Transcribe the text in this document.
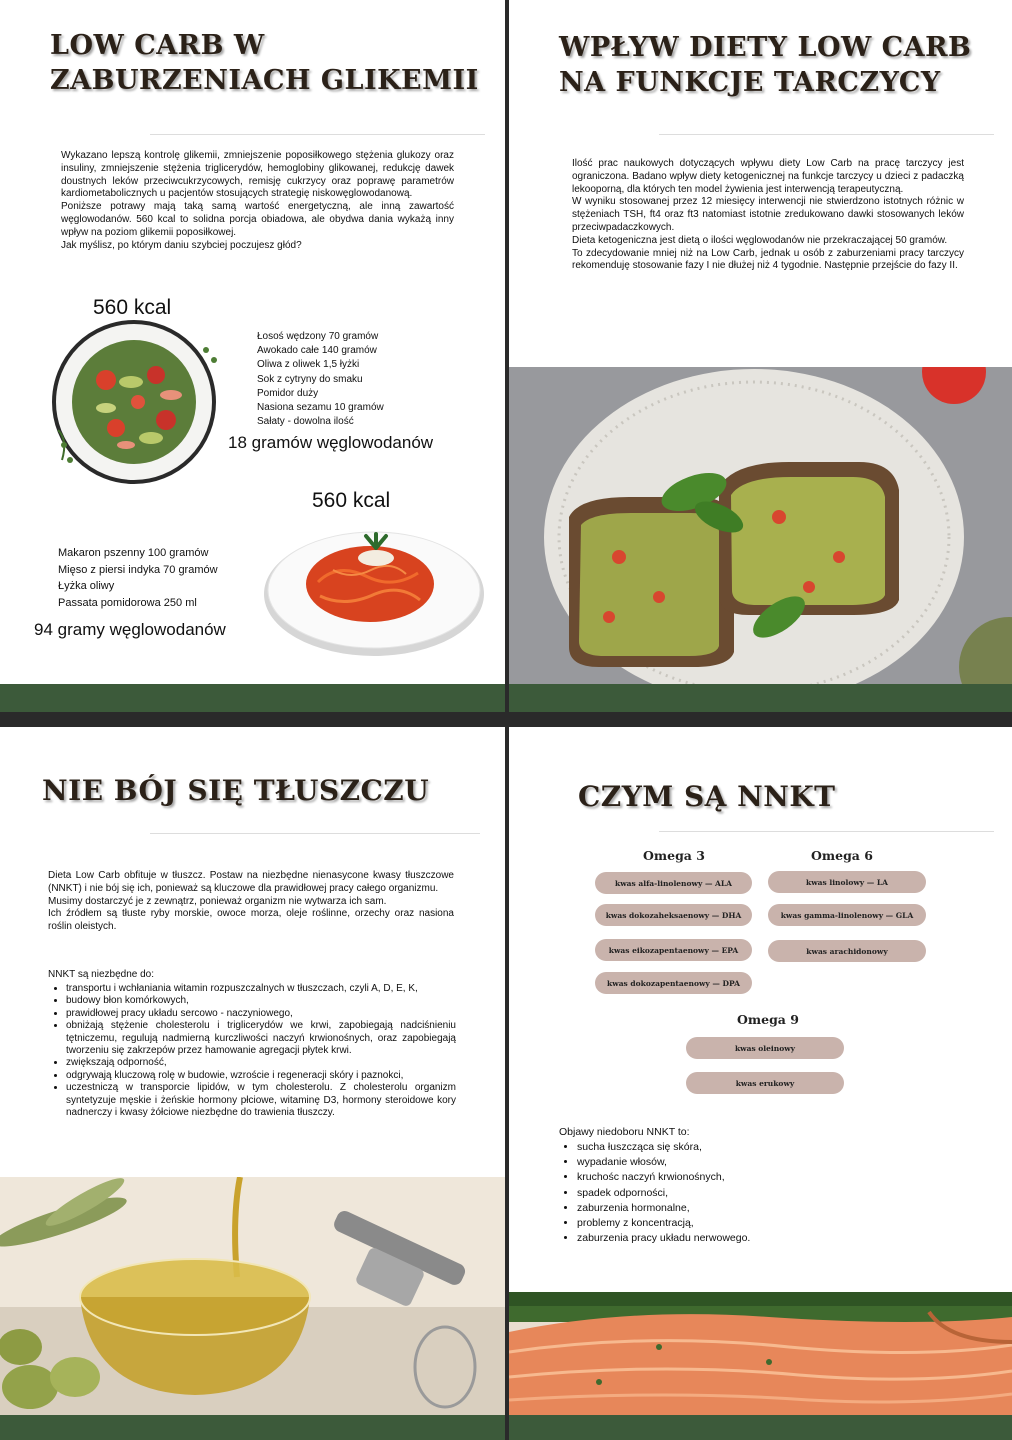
LOW CARB W
ZABURZENIACH GLIKEMII

Wykazano lepszą kontrolę glikemii, zmniejszenie poposiłkowego stężenia glukozy oraz insuliny, zmniejszenie stężenia triglicerydów, hemoglobiny glikowanej, redukcję dawek doustnych leków przeciwcukrzycowych, remisję cukrzycy oraz poprawę parametrów kardiometabolicznych u pacjentów stosujących strategię niskowęglowodanową.

Poniższe potrawy mają taką samą wartość energetyczną, ale inną zawartość węglowodanów. 560 kcal to solidna porcja obiadowa, ale obydwa dania wykażą inny wpływ na poziom glikemii poposiłkowej.

Jak myślisz, po którym daniu szybciej poczujesz głód?

560 kcal
Łosoś wędzony 70 gramów
Awokado całe 140 gramów
Oliwa z oliwek 1,5 łyżki
Sok z cytryny do smaku
Pomidor duży
Nasiona sezamu 10 gramów
Sałaty - dowolna ilość
18 gramów węglowodanów
560 kcal
Makaron pszenny 100 gramów
Mięso z piersi indyka 70 gramów
Łyżka oliwy
Passata pomidorowa 250 ml
94 gramy węglowodanów
WPŁYW DIETY LOW CARB
NA FUNKCJE TARCZYCY

Ilość prac naukowych dotyczących wpływu diety Low Carb na pracę tarczycy jest ograniczona. Badano wpływ diety ketogenicznej na funkcje tarczycy u dzieci z padaczką lekooporną, dla których ten model żywienia jest interwencją terapeutyczną.

W wyniku stosowanej przez 12 miesięcy interwencji nie stwierdzono istotnych różnic w stężeniach TSH, ft4 oraz ft3 natomiast istotnie zredukowano dawki stosowanych leków przeciwpadaczkowych.

Dieta ketogeniczna jest dietą o ilości węglowodanów nie przekraczającej 50 gramów.

To zdecydowanie mniej niż na Low Carb, jednak u osób z zaburzeniami pracy tarczycy rekomenduję stosowanie fazy I nie dłużej niż 4 tygodnie. Następnie przejście do fazy II.

NIE BÓJ SIĘ TŁUSZCZU

Dieta Low Carb obfituje w tłuszcz. Postaw na niezbędne nienasycone kwasy tłuszczowe (NNKT) i nie bój się ich, ponieważ są kluczowe dla prawidłowej pracy całego organizmu.

Musimy dostarczyć je z zewnątrz, ponieważ organizm nie wytwarza ich sam.

Ich źródłem są tłuste ryby morskie, owoce morza, oleje roślinne, orzechy oraz nasiona roślin oleistych.

NNKT są niezbędne do:
• transportu i wchłaniania witamin rozpuszczalnych w tłuszczach, czyli A, D, E, K,
• budowy błon komórkowych,
• prawidłowej pracy układu sercowo - naczyniowego,
• obniżają stężenie cholesterolu i triglicerydów we krwi, zapobiegają nadciśnieniu tętniczemu, regulują nadmierną kurczliwości naczyń krwionośnych, oraz zapobiegają tworzeniu się zakrzepów przez hamowanie agregacji płytek krwi.
• zwiększają odporność,
• odgrywają kluczową rolę w budowie, wzroście i regeneracji skóry i paznokci,
• uczestniczą w transporcie lipidów, w tym cholesterolu. Z cholesterolu organizm syntetyzuje męskie i żeńskie hormony płciowe, witaminę D3, hormony steroidowe kory nadnerczy i kwasy żółciowe niezbędne do trawienia tłuszczy.
CZYM SĄ NNKT
Omega 3
kwas alfa-linolenowy — ALA
kwas dokozaheksaenowy — DHA
kwas eikozapentaenowy — EPA
kwas dokozapentaenowy — DPA
Omega 6
kwas linolowy — LA
kwas gamma-linolenowy — GLA
kwas arachidonowy
Omega 9
kwas oleinowy
kwas erukowy
Objawy niedoboru NNKT to:
• sucha łuszcząca się skóra,
• wypadanie włosów,
• kruchośc naczyń krwionośnych,
• spadek odporności,
• zaburzenia hormonalne,
• problemy z koncentracją,
• zaburzenia pracy układu nerwowego.
